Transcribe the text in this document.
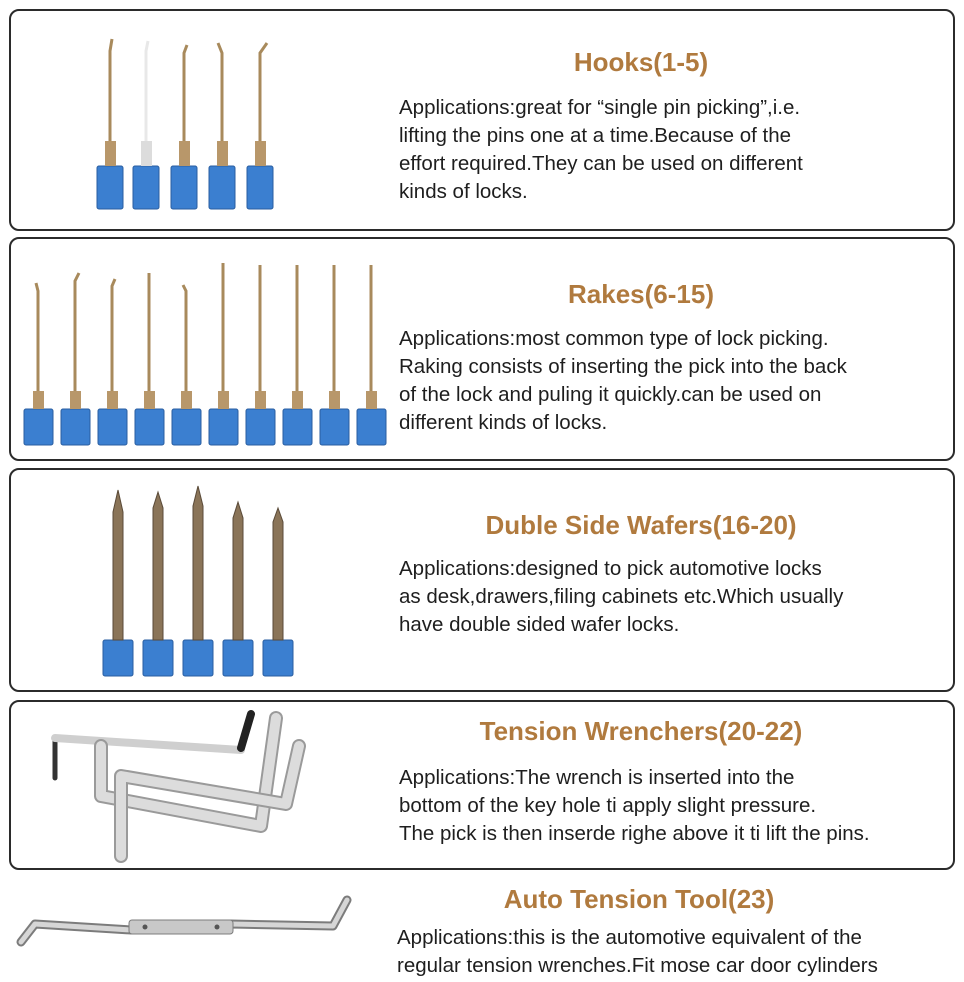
Hooks(1-5)
Applications:great for “single pin picking”,i.e.
lifting the pins one at a time.Because of the
effort required.They can be used on different
kinds of locks.
Rakes(6-15)
Applications:most common type of lock picking.
Raking consists of inserting the pick into the back
of the lock and puling it quickly.can be used on
different kinds of locks.
Duble Side Wafers(16-20)
Applications:designed to pick automotive locks
as desk,drawers,filing cabinets etc.Which usually
have double sided wafer locks.
Tension Wrenchers(20-22)
Applications:The wrench is inserted into the
bottom of the key hole ti apply slight pressure.
The pick is then inserde righe above it ti lift the pins.
Auto Tension Tool(23)
Applications:this is the automotive equivalent of the
regular tension wrenches.Fit mose car door cylinders
